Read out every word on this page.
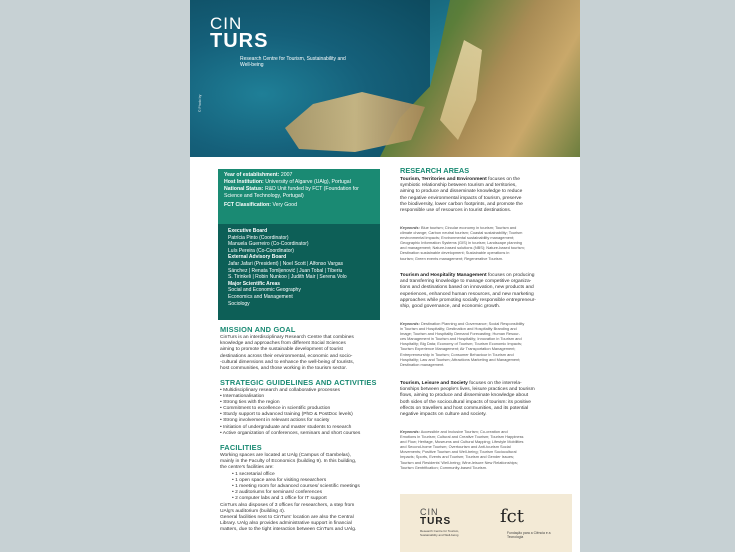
CIN
TURS
Research Centre for Tourism, Sustainability and Well-being
© Photo by
Year of establishment: 2007
Host Institution: University of Algarve (UAlg), Portugal
National Status: R&D Unit funded by FCT (Foundation for Science and Technology, Portugal)
FCT Classification: Very Good
Executive Board
Patrícia Pinto (Coordinator)
Manuela Guerreiro (Co-Coordinator)
Luís Pereira (Co-Coordinator)
External Advisory Board
Jafar Jafari (President) | Noel Scott | Alfonso Vargas
Sánchez | Renata Tomljenović | Juan Tobal | Tiberiu
S. Tirinkeli | Robin Nunkoo | Judith Mair | Serena Volo
Major Scientific Areas
Social and Economic Geography
Economics and Management
Sociology
MISSION AND GOAL
CinTurs is an interdisciplinary Research Centre that combines
knowledge and approaches from different Social Sciences
aiming to promote the sustainable development of tourist
destinations across their environmental, economic and socio-
-cultural dimensions and to enhance the well-being of tourists,
host communities, and those working in the tourism sector.
STRATEGIC GUIDELINES AND ACTIVITIES
• Multidisciplinary research and collaborative processes
• Internationalisation
• Strong ties with the region
• Commitment to excellence in scientific production
• Sturdy support to advanced training (PhD & PostDoc levels)
• Strong involvement in relevant actions for society
• Initiation of undergraduate and master students to research
• Active organization of conferences, seminars and short courses
FACILITIES
Working spaces are located at UAlg (Campus of Gambelas),
mainly in the Faculty of Economics (building 9). In this building,
the centre's facilities are:
• 1 secretarial office
• 1 open space area for visiting researchers
• 1 meeting room for advanced courses/ scientific meetings
• 2 auditoriums for seminars/ conferences
• 2 computer labs and 1 office for IT support
CinTurs also disposes of 3 offices for researchers, a step from
UAlg's auditorium (building 4).
General facilities next to CinTurs' location are also the Central
Library. UAlg also provides administrative support in financial
matters, due to the tight interaction between CinTurs and UAlg.
RESEARCH AREAS
Tourism, Territories and Environment focuses on the
symbiotic relationship between tourism and territories,
aiming to produce and disseminate knowledge to reduce
the negative environmental impacts of tourism, preserve
the biodiversity, lower carbon footprints, and promote the
responsible use of resources in tourist destinations.
Keywords: Blue tourism; Circular economy in tourism; Tourism and
climate change; Carbon neutral tourism; Coastal sustainability; Tourism
environmental impacts; Environmental sustainability management;
Geographic Information Systems (GIS) in tourism; Landscape planning
and management; Nature-based solutions (NBS); Nature-based tourism;
Destination sustainable development; Sustainable operations in
tourism; Green events management; Regenerative Tourism.
Tourism and Hospitality Management focuses on producing
and transferring knowledge to manage competitive organiza-
tions and destinations based on innovation, new products and
experiences, enhanced human resources, and new marketing
approaches while promoting socially responsible entrepreneur-
ship, good governance, and economic growth.
Keywords: Destination Planning and Governance; Social Responsibility
in Tourism and Hospitality; Destination and Hospitality Branding and
Image; Tourism and Hospitality Demand Forecasting; Human Resour-
ces Management in Tourism and Hospitality; Innovation in Tourism and
Hospitality; Big Data; Economy of Tourism; Tourism Economic Impacts;
Tourism Experience Management; Air Transportation Management;
Entrepreneurship in Tourism; Consumer Behaviour in Tourism and
Hospitality; Law and Tourism; Attractions Marketing and Management;
Destination management.
Tourism, Leisure and Society focuses on the interrela-
tionships between people's lives, leisure practices and tourism
flows, aiming to produce and disseminate knowledge about
both sides of the sociocultural impacts of tourism: its positive
effects on travellers and host communities, and its potential
negative impacts on culture and society.
Keywords: Accessible and Inclusive Tourism; Co-creation and
Emotions in Tourism; Cultural and Creative Tourism; Tourism Happiness
and Flow; Heritage, Museums and Cultural Mapping; Lifestyle Mobilities
and Second-home Tourism; Overtourism and Anti-tourism Social
Movements; Positive Tourism and Well-being; Tourism Sociocultural
Impacts; Sports, Events and Tourism; Tourism and Gender Issues;
Tourism and Residents' Well-being; Wine-leisure New Relationships;
Tourism Gentrification; Community-based Tourism.
CIN
TURS
Research Centre for Tourism, Sustainability and Well-being
fct
Fundação para a Ciência e a Tecnologia
